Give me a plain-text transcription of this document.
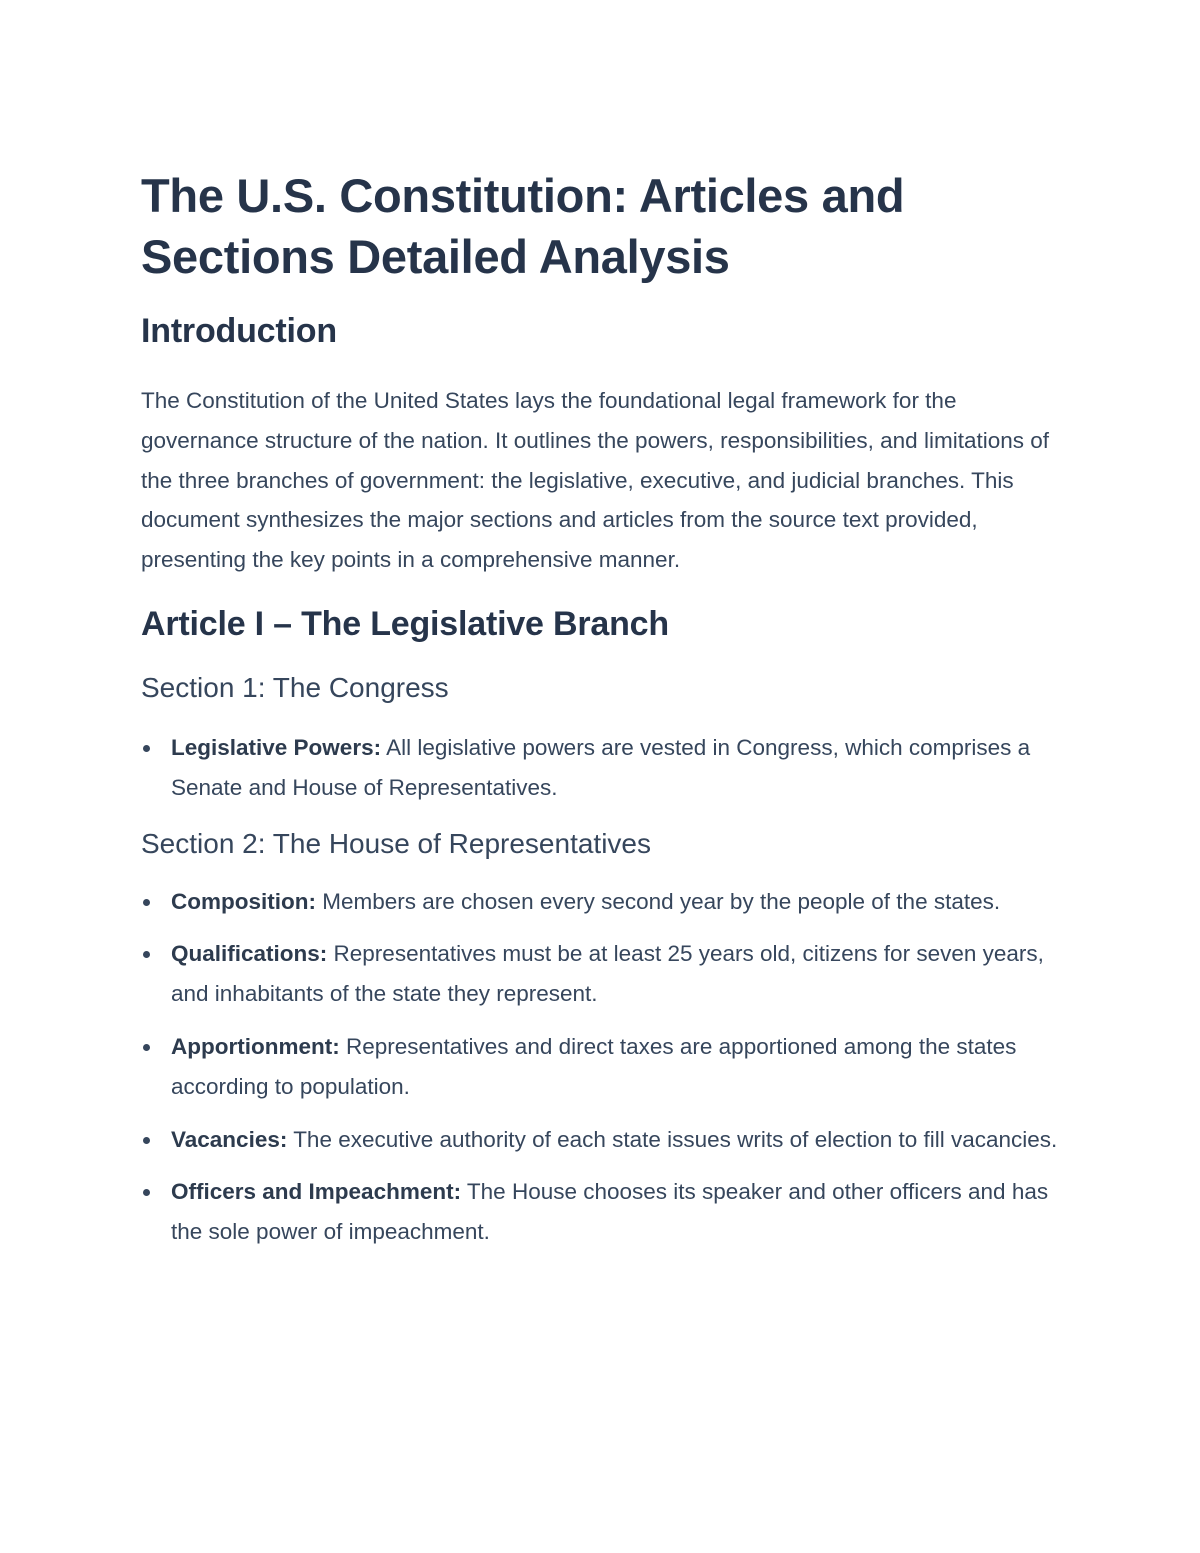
The U.S. Constitution: Articles and Sections Detailed Analysis
Introduction

The Constitution of the United States lays the foundational legal framework for the governance structure of the nation. It outlines the powers, responsibilities, and limitations of the three branches of government: the legislative, executive, and judicial branches. This document synthesizes the major sections and articles from the source text provided, presenting the key points in a comprehensive manner.

Article I – The Legislative Branch
Section 1: The Congress
Legislative Powers: All legislative powers are vested in Congress, which comprises a Senate and House of Representatives.
Section 2: The House of Representatives
Composition: Members are chosen every second year by the people of the states.
Qualifications: Representatives must be at least 25 years old, citizens for seven years, and inhabitants of the state they represent.
Apportionment: Representatives and direct taxes are apportioned among the states according to population.
Vacancies: The executive authority of each state issues writs of election to fill vacancies.
Officers and Impeachment: The House chooses its speaker and other officers and has the sole power of impeachment.
